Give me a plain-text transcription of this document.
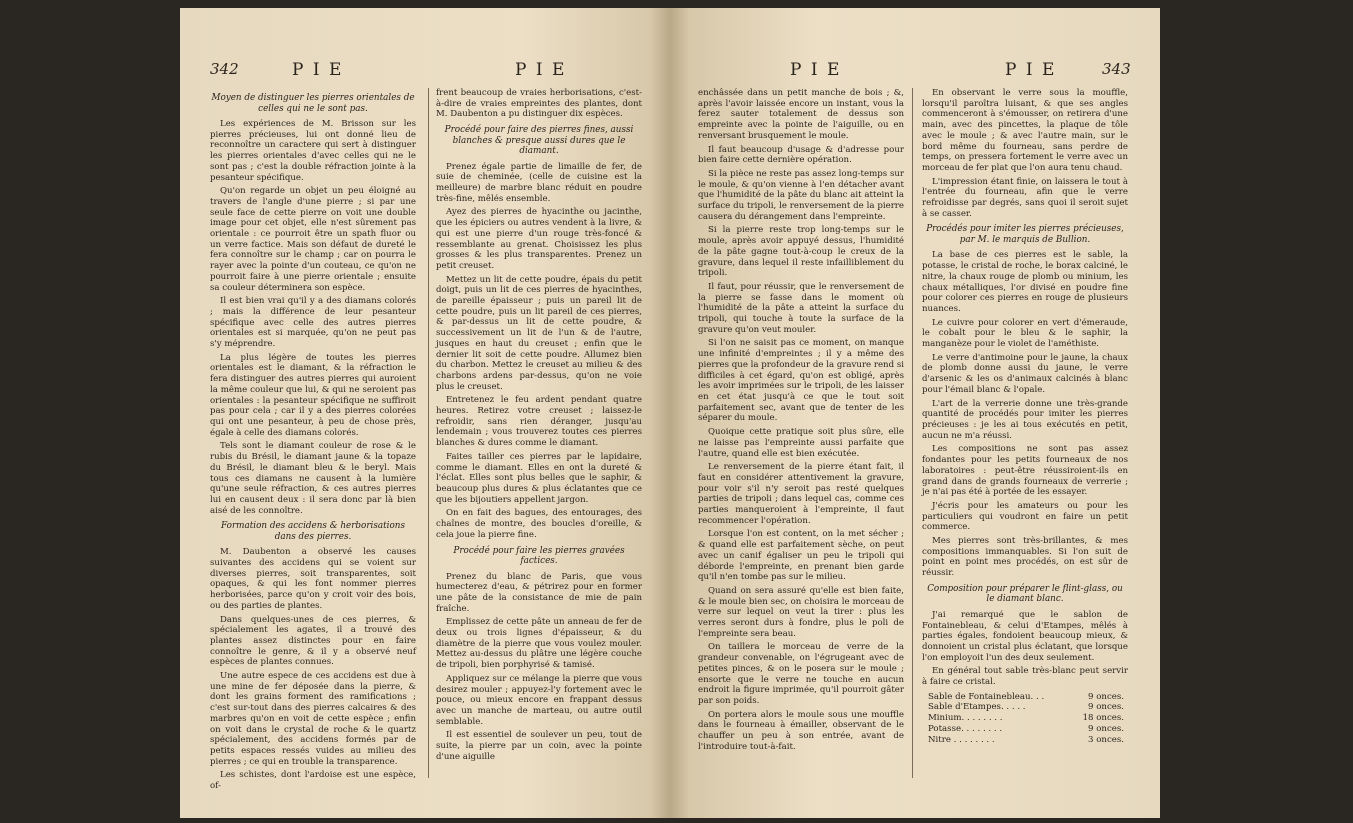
342	P I E	P I E
Moyen de distinguer les pierres orientales de celles qui ne le sont pas.

Les expériences de M. Brisson sur les pierres précieuses, lui ont donné lieu de reconnoître un caractere qui sert à distinguer les pierres orientales d'avec celles qui ne le sont pas ; c'est la double réfraction jointe à la pesanteur spécifique.

Qu'on regarde un objet un peu éloigné au travers de l'angle d'une pierre ; si par une seule face de cette pierre on voit une double image pour cet objet, elle n'est sûrement pas orientale : ce pourroit être un spath fluor ou un verre factice. Mais son défaut de dureté le fera connoître sur le champ ; car on pourra le rayer avec la pointe d'un couteau, ce qu'on ne pourroit faire à une pierre orientale ; ensuite sa couleur déterminera son espèce.

Il est bien vrai qu'il y a des diamans colorés ; mais la différence de leur pesanteur spécifique avec celle des autres pierres orientales est si marquée, qu'on ne peut pas s'y méprendre.

La plus légère de toutes les pierres orientales est le diamant, & la réfraction le fera distinguer des autres pierres qui auroient la même couleur que lui, & qui ne seroient pas orientales : la pesanteur spécifique ne suffiroit pas pour cela ; car il y a des pierres colorées qui ont une pesanteur, à peu de chose près, égale à celle des diamans colorés.

Tels sont le diamant couleur de rose & le rubis du Brésil, le diamant jaune & la topaze du Brésil, le diamant bleu & le beryl. Mais tous ces diamans ne causent à la lumière qu'une seule réfraction, & ces autres pierres lui en causent deux : il sera donc par là bien aisé de les connoître.

Formation des accidens & herborisations dans des pierres.

M. Daubenton a observé les causes suivantes des accidens qui se voient sur diverses pierres, soit transparentes, soit opaques, & qui les font nommer pierres herborisées, parce qu'on y croit voir des bois, ou des parties de plantes.

Dans quelques-unes de ces pierres, & spécialement les agates, il a trouvé des plantes assez distinctes pour en faire connoître le genre, & il y a observé neuf espèces de plantes connues.

Une autre espece de ces accidens est due à une mine de fer déposée dans la pierre, & dont les grains forment des ramifications ; c'est sur-tout dans des pierres calcaires & des marbres qu'on en voit de cette espèce ; enfin on voit dans le crystal de roche & le quartz spécialement, des accidens formés par de petits espaces ressés vuides au milieu des pierres ; ce qui en trouble la transparence.

Les schistes, dont l'ardoise est une espèce, of-

frent beaucoup de vraies herborisations, c'est-à-dire de vraies empreintes des plantes, dont M. Daubenton a pu distinguer dix espèces.

Procédé pour faire des pierres fines, aussi blanches & presque aussi dures que le diamant.

Prenez égale partie de limaille de fer, de suie de cheminée, (celle de cuisine est la meilleure) de marbre blanc réduit en poudre très-fine, mêlés ensemble.

Ayez des pierres de hyacinthe ou jacinthe, que les épiciers ou autres vendent à la livre, & qui est une pierre d'un rouge très-foncé & ressemblante au grenat. Choisissez les plus grosses & les plus transparentes. Prenez un petit creuset.

Mettez un lit de cette poudre, épais du petit doigt, puis un lit de ces pierres de hyacinthes, de pareille épaisseur ; puis un pareil lit de cette poudre, puis un lit pareil de ces pierres, & par-dessus un lit de cette poudre, & successivement un lit de l'un & de l'autre, jusques en haut du creuset ; enfin que le dernier lit soit de cette poudre. Allumez bien du charbon. Mettez le creuset au milieu & des charbons ardens par-dessus, qu'on ne voie plus le creuset.

Entretenez le feu ardent pendant quatre heures. Retirez votre creuset ; laissez-le refroidir, sans rien déranger, jusqu'au lendemain ; vous trouverez toutes ces pierres blanches & dures comme le diamant.

Faites tailler ces pierres par le lapidaire, comme le diamant. Elles en ont la dureté & l'éclat. Elles sont plus belles que le saphir, & beaucoup plus dures & plus éclatantes que ce que les bijoutiers appellent jargon.

On en fait des bagues, des entourages, des chaînes de montre, des boucles d'oreille, & cela joue la pierre fine.

Procédé pour faire les pierres gravées factices.

Prenez du blanc de Paris, que vous humecterez d'eau, & pétrirez pour en former une pâte de la consistance de mie de pain fraîche.

Emplissez de cette pâte un anneau de fer de deux ou trois lignes d'épaisseur, & du diamètre de la pierre que vous voulez mouler. Mettez au-dessus du plâtre une légère couche de tripoli, bien porphyrisé & tamisé.

Appliquez sur ce mélange la pierre que vous desirez mouler ; appuyez-l'y fortement avec le pouce, ou mieux encore en frappant dessus avec un manche de marteau, ou autre outil semblable.

Il est essentiel de soulever un peu, tout de suite, la pierre par un coin, avec la pointe d'une aiguille

P I E	P I E	343

enchâssée dans un petit manche de bois ; &, après l'avoir laissée encore un instant, vous la ferez sauter totalement de dessus son empreinte avec la pointe de l'aiguille, ou en renversant brusquement le moule.

Il faut beaucoup d'usage & d'adresse pour bien faire cette dernière opération.

Si la pièce ne reste pas assez long-temps sur le moule, & qu'on vienne à l'en détacher avant que l'humidité de la pâte du blanc ait atteint la surface du tripoli, le renversement de la pierre causera du dérangement dans l'empreinte.

Si la pierre reste trop long-temps sur le moule, après avoir appuyé dessus, l'humidité de la pâte gagne tout-à-coup le creux de la gravure, dans lequel il reste infailliblement du tripoli.

Il faut, pour réussir, que le renversement de la pierre se fasse dans le moment où l'humidité de la pâte a atteint la surface du tripoli, qui touche à toute la surface de la gravure qu'on veut mouler.

Si l'on ne saisit pas ce moment, on manque une infinité d'empreintes ; il y a même des pierres que la profondeur de la gravure rend si difficiles à cet égard, qu'on est obligé, après les avoir imprimées sur le tripoli, de les laisser en cet état jusqu'à ce que le tout soit parfaitement sec, avant que de tenter de les séparer du moule.

Quoique cette pratique soit plus sûre, elle ne laisse pas l'empreinte aussi parfaite que l'autre, quand elle est bien exécutée.

Le renversement de la pierre étant fait, il faut en considérer attentivement la gravure, pour voir s'il n'y seroit pas resté quelques parties de tripoli ; dans lequel cas, comme ces parties manqueroient à l'empreinte, il faut recommencer l'opération.

Lorsque l'on est content, on la met sécher ; & quand elle est parfaitement sèche, on peut avec un canif égaliser un peu le tripoli qui déborde l'empreinte, en prenant bien garde qu'il n'en tombe pas sur le milieu.

Quand on sera assuré qu'elle est bien faite, & le moule bien sec, on choisira le morceau de verre sur lequel on veut la tirer : plus les verres seront durs à fondre, plus le poli de l'empreinte sera beau.

On taillera le morceau de verre de la grandeur convenable, on l'égrugeant avec de petites pinces, & on le posera sur le moule ; ensorte que le verre ne touche en aucun endroit la figure imprimée, qu'il pourroit gâter par son poids.

On portera alors le moule sous une mouffle dans le fourneau à émailler, observant de le chauffer un peu à son entrée, avant de l'introduire tout-à-fait.

En observant le verre sous la mouffle, lorsqu'il paroîtra luisant, & que ses angles commenceront à s'émousser, on retirera d'une main, avec des pincettes, la plaque de tôle avec le moule ; & avec l'autre main, sur le bord même du fourneau, sans perdre de temps, on pressera fortement le verre avec un morceau de fer plat que l'on aura tenu chaud.

L'impression étant finie, on laissera le tout à l'entrée du fourneau, afin que le verre refroidisse par degrés, sans quoi il seroit sujet à se casser.

Procédés pour imiter les pierres précieuses, par M. le marquis de Bullion.

La base de ces pierres est le sable, la potasse, le cristal de roche, le borax calciné, le nitre, la chaux rouge de plomb ou minium, les chaux métalliques, l'or divisé en poudre fine pour colorer ces pierres en rouge de plusieurs nuances.

Le cuivre pour colorer en vert d'émeraude, le cobalt pour le bleu & le saphir, la manganèze pour le violet de l'améthiste.

Le verre d'antimoine pour le jaune, la chaux de plomb donne aussi du jaune, le verre d'arsenic & les os d'animaux calcinés à blanc pour l'émail blanc & l'opale.

L'art de la verrerie donne une très-grande quantité de procédés pour imiter les pierres précieuses : je les ai tous exécutés en petit, aucun ne m'a réussi.

Les compositions ne sont pas assez fondantes pour les petits fourneaux de nos laboratoires : peut-être réussiroient-ils en grand dans de grands fourneaux de verrerie ; je n'ai pas été à portée de les essayer.

J'écris pour les amateurs ou pour les particuliers qui voudront en faire un petit commerce.

Mes pierres sont très-brillantes, & mes compositions immanquables. Si l'on suit de point en point mes procédés, on est sûr de réussir.

Composition pour préparer le flint-glass, ou le diamant blanc.

J'ai remarqué que le sablon de Fontainebleau, & celui d'Etampes, mêlés à parties égales, fondoient beaucoup mieux, & donnoient un cristal plus éclatant, que lorsque l'on employoit l'un des deux seulement.

En général tout sable très-blanc peut servir à faire ce cristal.

Sable de Fontainebleau. . .	9 onces.
Sable d'Etampes. . . . .	9 onces.
Minium. . . . . . . .	18 onces.
Potasse. . . . . . . .	9 onces.
Nitre . . . . . . . .	3 onces.
